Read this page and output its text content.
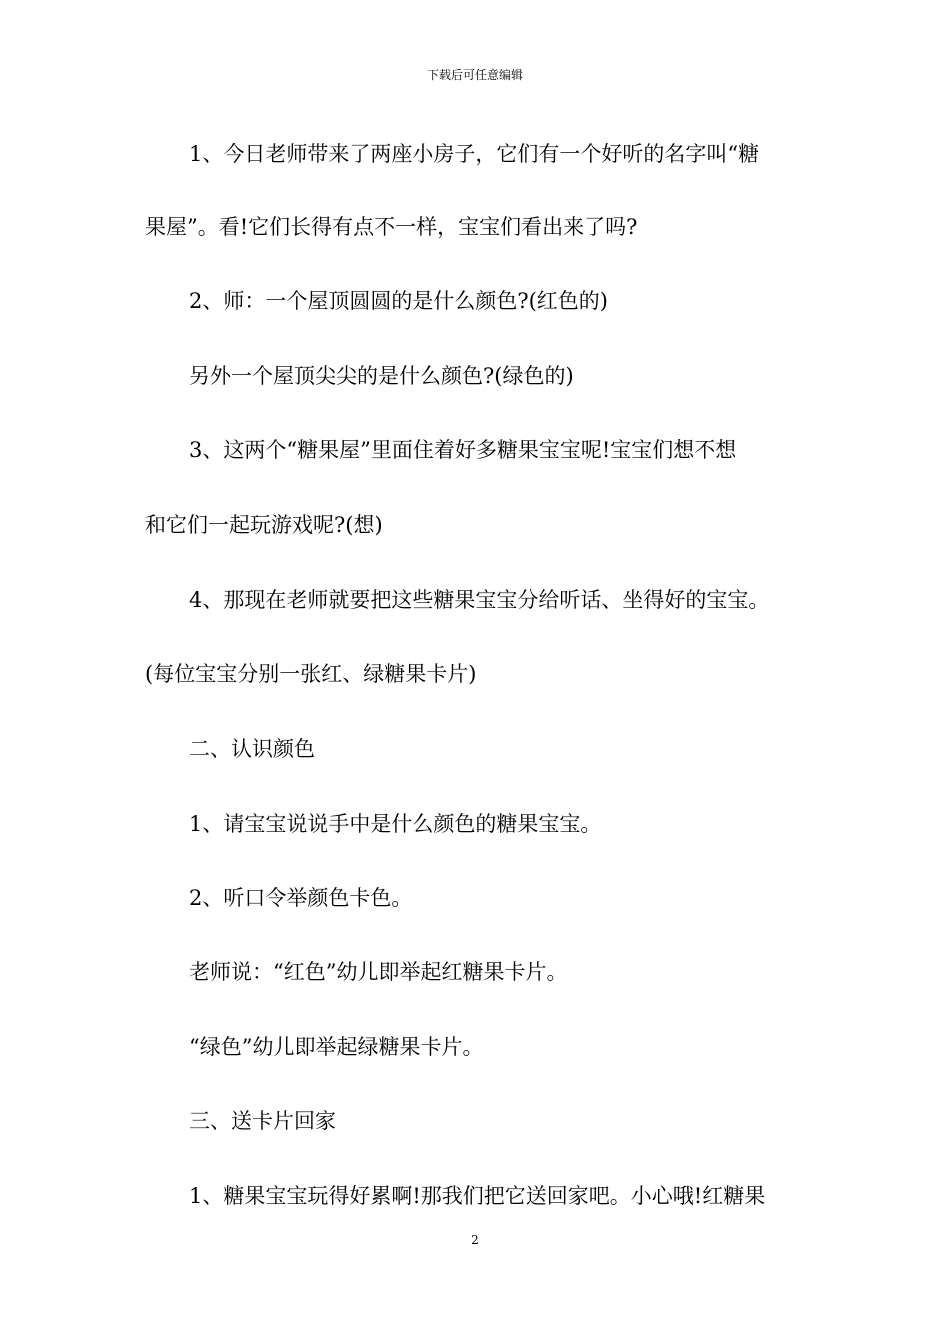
下载后可任意编辑
1、今日老师带来了两座小房子，它们有一个好听的名字叫“糖
果屋”。看!它们长得有点不一样，宝宝们看出来了吗?
2、师：一个屋顶圆圆的是什么颜色?(红色的)
另外一个屋顶尖尖的是什么颜色?(绿色的)
3、这两个“糖果屋”里面住着好多糖果宝宝呢!宝宝们想不想
和它们一起玩游戏呢?(想)
4、那现在老师就要把这些糖果宝宝分给听话、坐得好的宝宝。
(每位宝宝分别一张红、绿糖果卡片)
二、认识颜色
1、请宝宝说说手中是什么颜色的糖果宝宝。
2、听口令举颜色卡色。
老师说：“红色”幼儿即举起红糖果卡片。
“绿色”幼儿即举起绿糖果卡片。
三、送卡片回家
1、糖果宝宝玩得好累啊!那我们把它送回家吧。小心哦!红糖果
2
